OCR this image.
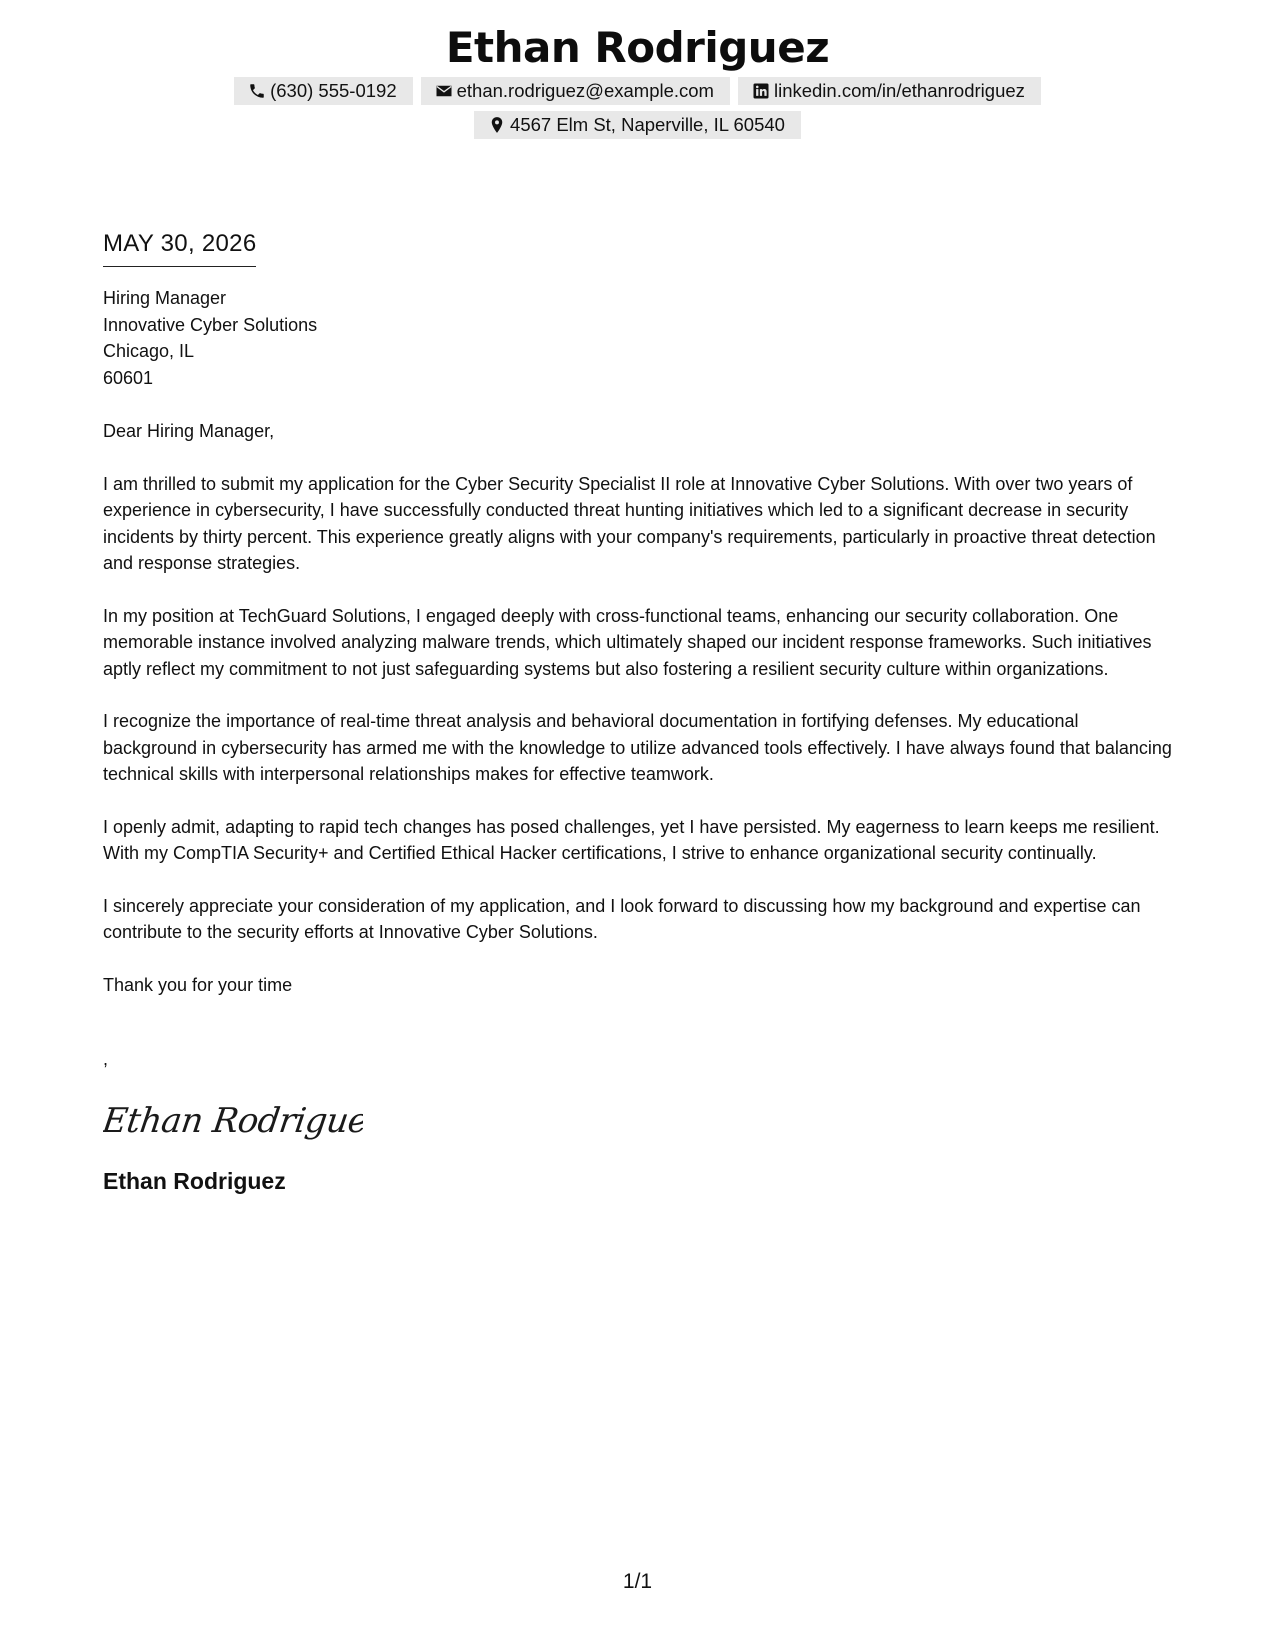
Ethan Rodriguez
(630) 555-0192	ethan.rodriguez@example.com	linkedin.com/in/ethanrodriguez
4567 Elm St, Naperville, IL 60540
MAY 30, 2026
Hiring Manager
Innovative Cyber Solutions
Chicago, IL
60601

Dear Hiring Manager,

I am thrilled to submit my application for the Cyber Security Specialist II role at Innovative Cyber Solutions. With over two years of experience in cybersecurity, I have successfully conducted threat hunting initiatives which led to a significant decrease in security incidents by thirty percent. This experience greatly aligns with your company's requirements, particularly in proactive threat detection and response strategies.

In my position at TechGuard Solutions, I engaged deeply with cross-functional teams, enhancing our security collaboration. One memorable instance involved analyzing malware trends, which ultimately shaped our incident response frameworks. Such initiatives aptly reflect my commitment to not just safeguarding systems but also fostering a resilient security culture within organizations.

I recognize the importance of real-time threat analysis and behavioral documentation in fortifying defenses. My educational background in cybersecurity has armed me with the knowledge to utilize advanced tools effectively. I have always found that balancing technical skills with interpersonal relationships makes for effective teamwork.

I openly admit, adapting to rapid tech changes has posed challenges, yet I have persisted. My eagerness to learn keeps me resilient. With my CompTIA Security+ and Certified Ethical Hacker certifications, I strive to enhance organizational security continually.

I sincerely appreciate your consideration of my application, and I look forward to discussing how my background and expertise can contribute to the security efforts at Innovative Cyber Solutions.

Thank you for your time

,
Ethan Rodriguez
Ethan Rodriguez
1/1
